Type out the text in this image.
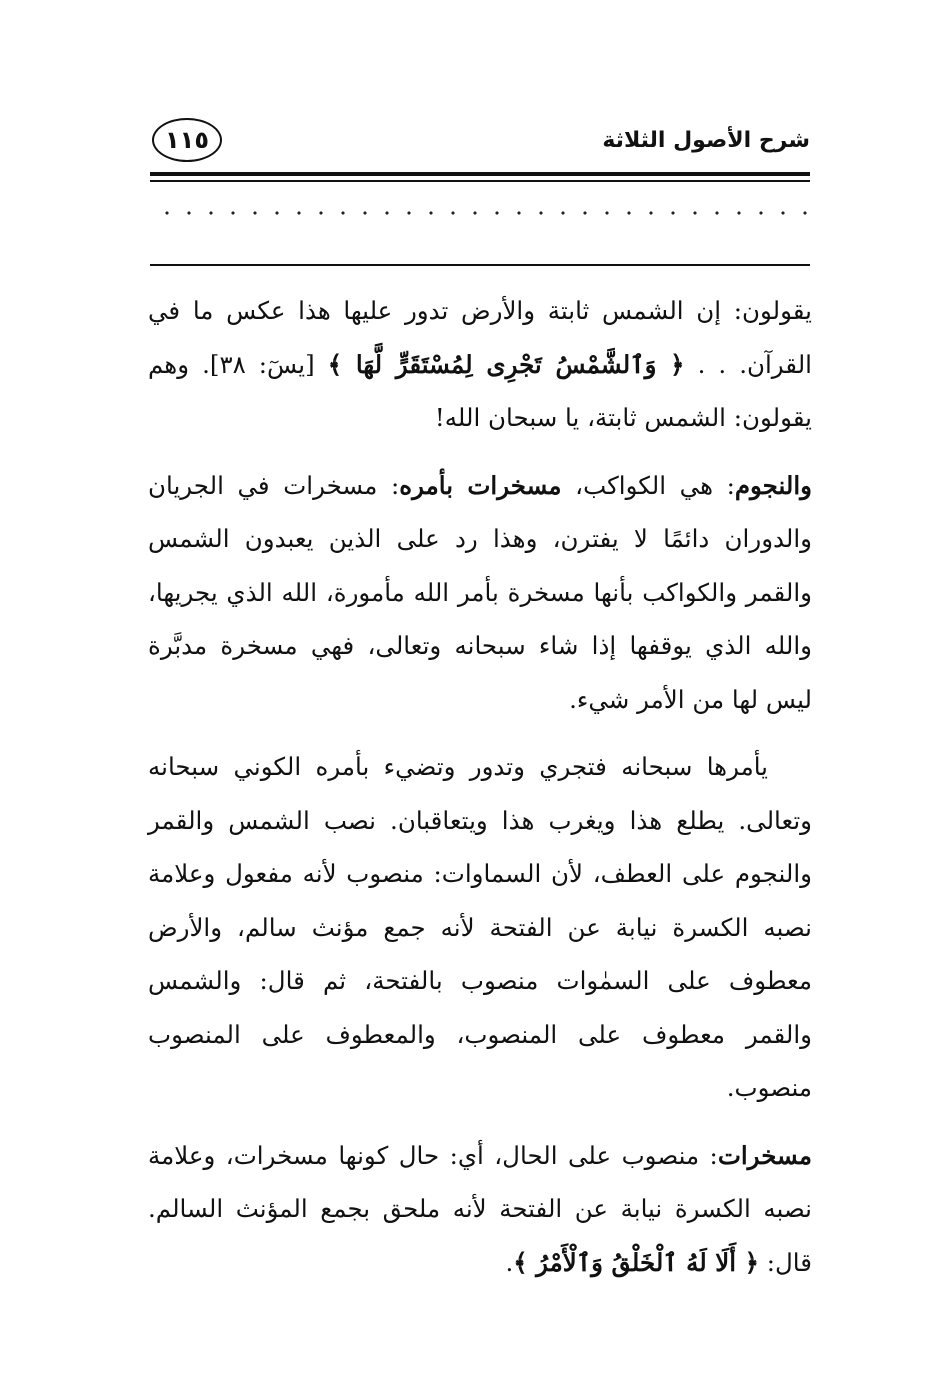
شرح الأصول الثلاثة
١١٥

يقولون: إن الشمس ثابتة والأرض تدور عليها هذا عكس ما في القرآن. . . ﴿ وَٱلشَّمْسُ تَجْرِى لِمُسْتَقَرٍّ لَّهَا ﴾ [يسٓ: ٣٨]. وهم يقولون: الشمس ثابتة، يا سبحان الله!

والنجوم: هي الكواكب، مسخرات بأمره: مسخرات في الجريان والدوران دائمًا لا يفترن، وهذا رد على الذين يعبدون الشمس والقمر والكواكب بأنها مسخرة بأمر الله مأمورة، الله الذي يجريها، والله الذي يوقفها إذا شاء سبحانه وتعالى، فهي مسخرة مدبَّرة ليس لها من الأمر شيء.

يأمرها سبحانه فتجري وتدور وتضيء بأمره الكوني سبحانه وتعالى. يطلع هذا ويغرب هذا ويتعاقبان. نصب الشمس والقمر والنجوم على العطف، لأن السماوات: منصوب لأنه مفعول وعلامة نصبه الكسرة نيابة عن الفتحة لأنه جمع مؤنث سالم، والأرض معطوف على السمٰوات منصوب بالفتحة، ثم قال: والشمس والقمر معطوف على المنصوب، والمعطوف على المنصوب منصوب.

مسخرات: منصوب على الحال، أي: حال كونها مسخرات، وعلامة نصبه الكسرة نيابة عن الفتحة لأنه ملحق بجمع المؤنث السالم. قال: ﴿ أَلَا لَهُ ٱلْخَلْقُ وَٱلْأَمْرُ ﴾.
